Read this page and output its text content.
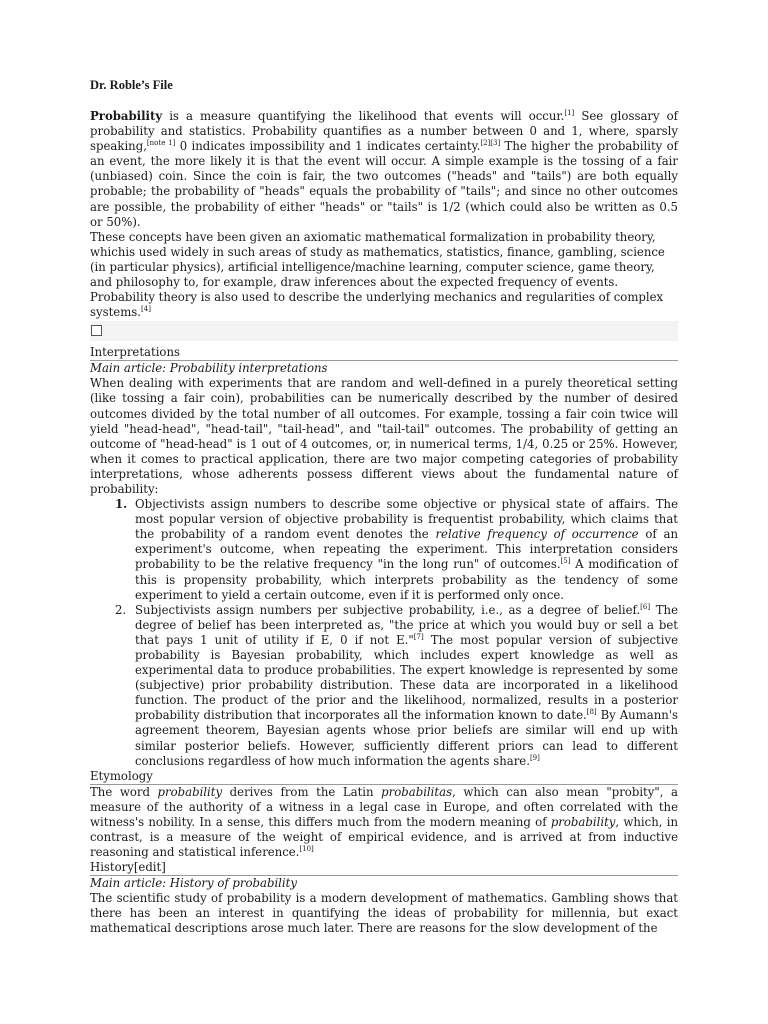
Dr. Roble’s File

Probability is a measure quantifying the likelihood that events will occur.[1] See glossary of probability and statistics. Probability quantifies as a number between 0 and 1, where, sparsly speaking,[note 1] 0 indicates impossibility and 1 indicates certainty.[2][3] The higher the probability of an event, the more likely it is that the event will occur. A simple example is the tossing of a fair (unbiased) coin. Since the coin is fair, the two outcomes ("heads" and "tails") are both equally probable; the probability of "heads" equals the probability of "tails"; and since no other outcomes are possible, the probability of either "heads" or "tails" is 1/2 (which could also be written as 0.5 or 50%).

These concepts have been given an axiomatic mathematical formalization in probability theory, whichis used widely in such areas of study as mathematics, statistics, finance, gambling, science (in particular physics), artificial intelligence/machine learning, computer science, game theory, and philosophy to, for example, draw inferences about the expected frequency of events. Probability theory is also used to describe the underlying mechanics and regularities of complex systems.[4]

Interpretations
Main article: Probability interpretations

When dealing with experiments that are random and well-defined in a purely theoretical setting (like tossing a fair coin), probabilities can be numerically described by the number of desired outcomes divided by the total number of all outcomes. For example, tossing a fair coin twice will yield "head-head", "head-tail", "tail-head", and "tail-tail" outcomes. The probability of getting an outcome of "head-head" is 1 out of 4 outcomes, or, in numerical terms, 1/4, 0.25 or 25%. However, when it comes to practical application, there are two major competing categories of probability interpretations, whose adherents possess different views about the fundamental nature of probability:

1. Objectivists assign numbers to describe some objective or physical state of affairs. The most popular version of objective probability is frequentist probability, which claims that the probability of a random event denotes the relative frequency of occurrence of an experiment's outcome, when repeating the experiment. This interpretation considers probability to be the relative frequency "in the long run" of outcomes.[5] A modification of this is propensity probability, which interprets probability as the tendency of some experiment to yield a certain outcome, even if it is performed only once.
2. Subjectivists assign numbers per subjective probability, i.e., as a degree of belief.[6] The degree of belief has been interpreted as, "the price at which you would buy or sell a bet that pays 1 unit of utility if E, 0 if not E."[7] The most popular version of subjective probability is Bayesian probability, which includes expert knowledge as well as experimental data to produce probabilities. The expert knowledge is represented by some (subjective) prior probability distribution. These data are incorporated in a likelihood function. The product of the prior and the likelihood, normalized, results in a posterior probability distribution that incorporates all the information known to date.[8] By Aumann's agreement theorem, Bayesian agents whose prior beliefs are similar will end up with similar posterior beliefs. However, sufficiently different priors can lead to different conclusions regardless of how much information the agents share.[9]
Etymology

The word probability derives from the Latin probabilitas, which can also mean "probity", a measure of the authority of a witness in a legal case in Europe, and often correlated with the witness's nobility. In a sense, this differs much from the modern meaning of probability, which, in contrast, is a measure of the weight of empirical evidence, and is arrived at from inductive reasoning and statistical inference.[10]

History[edit]
Main article: History of probability

The scientific study of probability is a modern development of mathematics. Gambling shows that there has been an interest in quantifying the ideas of probability for millennia, but exact mathematical descriptions arose much later. There are reasons for the slow development of the
